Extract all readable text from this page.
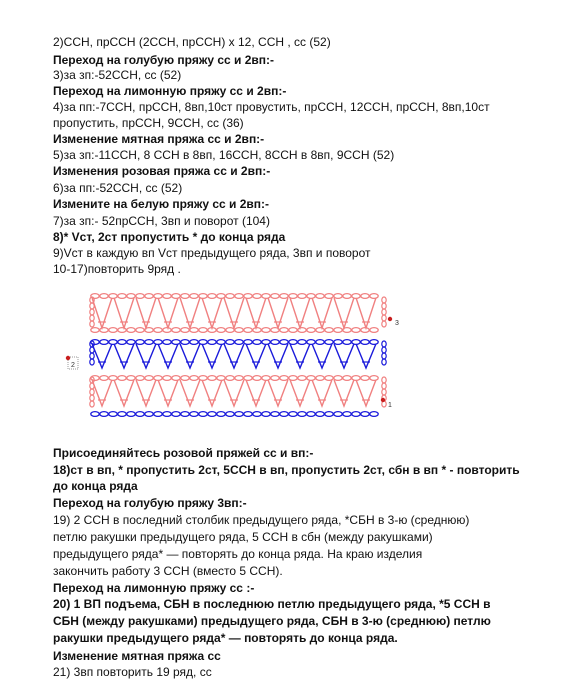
2)ССН, прССН (2ССН, прССН) х 12, ССН , сс (52)
Переход на голубую пряжу сс и 2вп:-
3)за зп:-52ССН, сс (52)
Переход на лимонную пряжу сс и 2вп:-
4)за пп:-7ССН, прССН, 8вп,10ст провустить, прССН, 12ССН, прССН, 8вп,10ст
пропустить, прССН, 9ССН, сс (36)
Изменение мятная пряжа сс и 2вп:-
5)за зп:-11ССН, 8 ССН в 8вп, 16ССН, 8ССН в 8вп, 9ССН (52)
Изменения розовая пряжа сс и 2вп:-
6)за пп:-52ССН, сс (52)
Измените на белую пряжу сс и 2вп:-
7)за зп:- 52прССН, 3вп и поворот (104)
8)* Vст, 2ст пропустить * до конца ряда
9)Vст в каждую вп Vст предыдущего ряда, 3вп и поворот
10-17)повторить 9ряд .
2
1
3
Присоединяйтесь розовой пряжей сс и вп:-
18)ст в вп, * пропустить 2ст, 5ССН в вп, пропустить 2ст, сбн в вп * - повторить
до конца ряда
Переход на голубую пряжу 3вп:-
19) 2 ССН в последний столбик предыдущего ряда, *СБН в 3-ю (среднюю)
петлю ракушки предыдущего ряда, 5 ССН в сбн (между ракушками)
предыдущего ряда* — повторять до конца ряда. На краю изделия
закончить работу 3 ССН (вместо 5 ССН).
Переход на лимонную пряжу сс :-
20) 1 ВП подъема, СБН в последнюю петлю предыдущего ряда, *5 ССН в
СБН (между ракушками) предыдущего ряда, СБН в 3-ю (среднюю) петлю
ракушки предыдущего ряда* — повторять до конца ряда.
Изменение мятная пряжа сс
21) 3вп повторить 19 ряд, сс
